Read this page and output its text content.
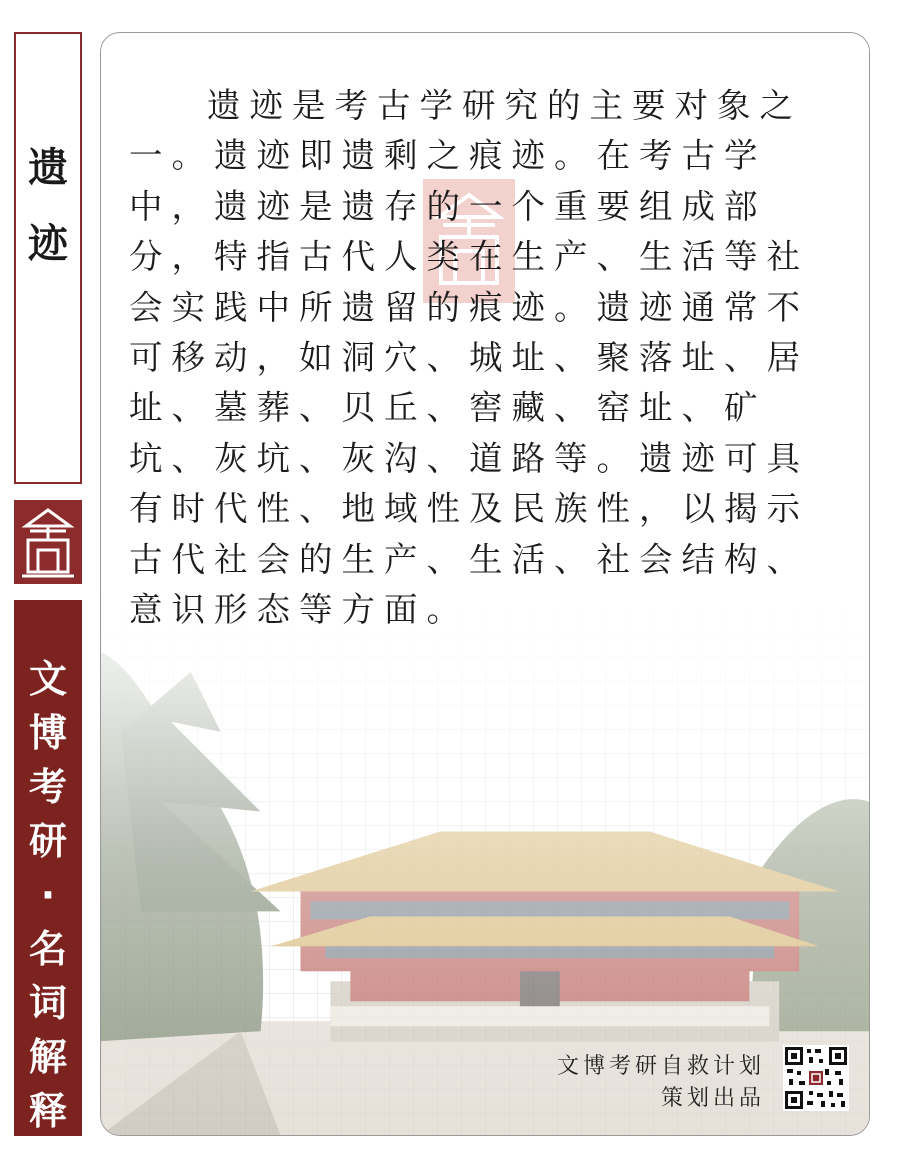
遗
迹
文
博
考
研
·
名
词
解
释

遗迹是考古学研究的主要对象之一。遗迹即遗剩之痕迹。在考古学中，遗迹是遗存的一个重要组成部分，特指古代人类在生产、生活等社会实践中所遗留的痕迹。遗迹通常不可移动，如洞穴、城址、聚落址、居址、墓葬、贝丘、窖藏、窑址、矿坑、灰坑、灰沟、道路等。遗迹可具有时代性、地域性及民族性，以揭示古代社会的生产、生活、社会结构、意识形态等方面。

文博考研自救计划
策划出品
